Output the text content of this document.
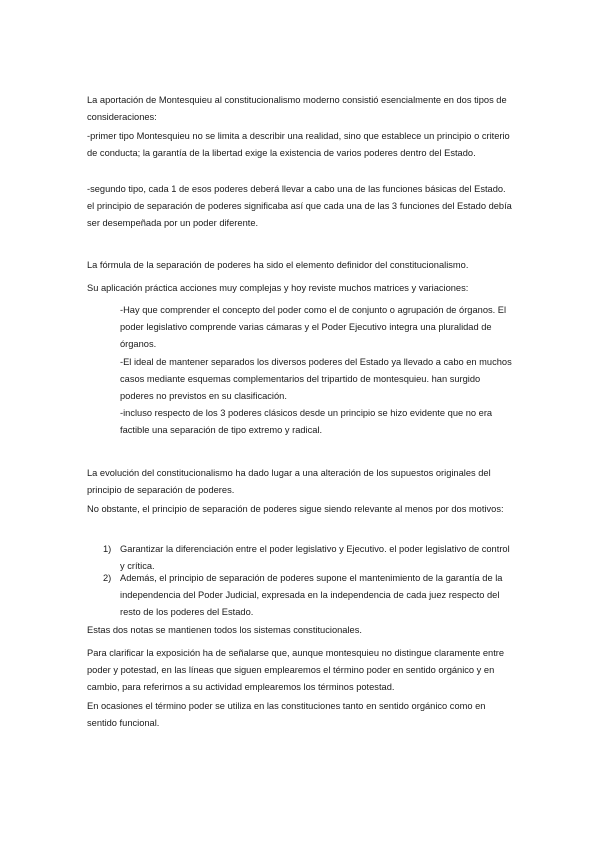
La aportación de Montesquieu al constitucionalismo moderno consistió esencialmente en dos tipos de consideraciones:

-primer tipo Montesquieu no se limita a describir una realidad, sino que establece un principio o criterio de conducta; la garantía de la libertad exige la existencia de varios poderes dentro del Estado.

-segundo tipo, cada 1 de esos poderes deberá llevar a cabo una de las funciones básicas del Estado. el principio de separación de poderes significaba así que cada una de las 3 funciones del Estado debía ser desempeñada por un poder diferente.

La fórmula de la separación de poderes ha sido el elemento definidor del constitucionalismo.

Su aplicación práctica acciones muy complejas y hoy reviste muchos matrices y variaciones:

-Hay que comprender el concepto del poder como el de conjunto o agrupación de órganos. El poder legislativo comprende varias cámaras y el Poder Ejecutivo integra una pluralidad de órganos.

-El ideal de mantener separados los diversos poderes del Estado ya llevado a cabo en muchos casos mediante esquemas complementarios del tripartido de montesquieu. han surgido poderes no previstos en su clasificación.

-incluso respecto de los 3 poderes clásicos desde un principio se hizo evidente que no era factible una separación de tipo extremo y radical.

La evolución del constitucionalismo ha dado lugar a una alteración de los supuestos originales del principio de separación de poderes.

No obstante, el principio de separación de poderes sigue siendo relevante al menos por dos motivos:

1) Garantizar la diferenciación entre el poder legislativo y Ejecutivo. el poder legislativo de control y crítica.
2) Además, el principio de separación de poderes supone el mantenimiento de la garantía de la independencia del Poder Judicial, expresada en la independencia de cada juez respecto del resto de los poderes del Estado.

Estas dos notas se mantienen todos los sistemas constitucionales.

Para clarificar la exposición ha de señalarse que, aunque montesquieu no distingue claramente entre poder y potestad, en las líneas que siguen emplearemos el término poder en sentido orgánico y en cambio, para referirnos a su actividad emplearemos los términos potestad.

En ocasiones el término poder se utiliza en las constituciones tanto en sentido orgánico como en sentido funcional.
